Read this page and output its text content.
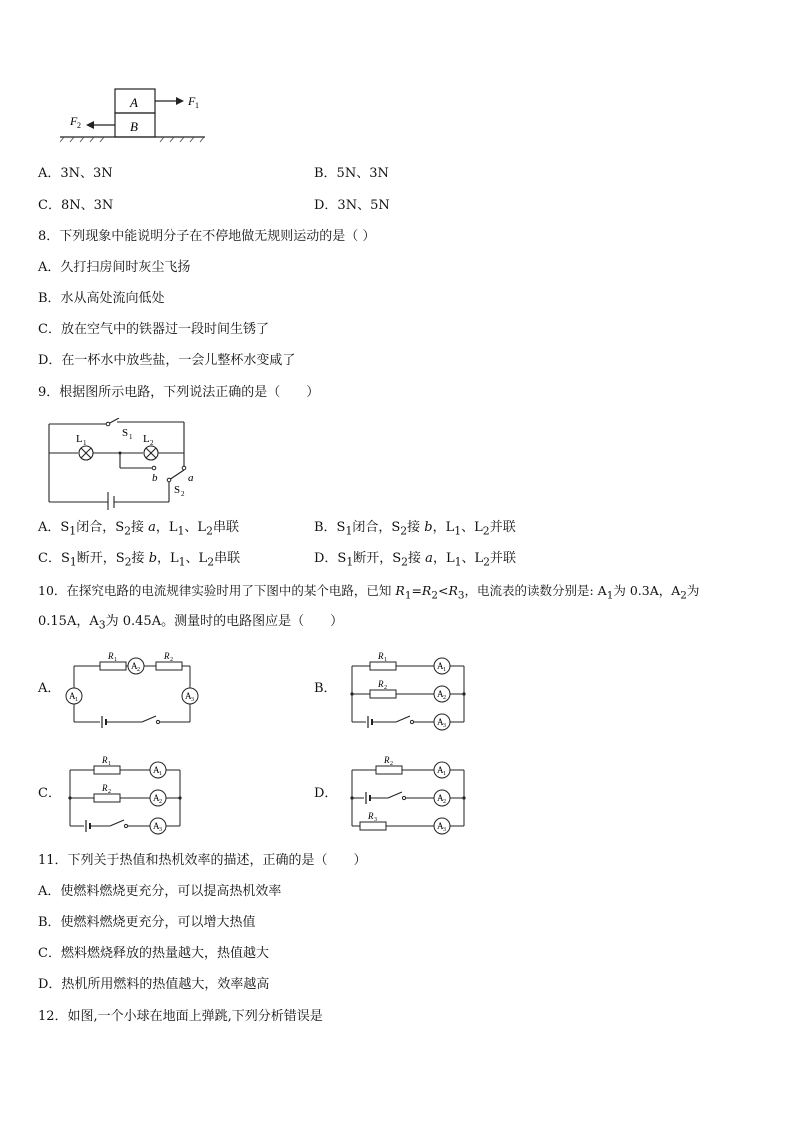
A
B
F 1
F 2
A．3N、3N	B．5N、3N
C．8N、3N	D．3N、5N
8．下列现象中能说明分子在不停地做无规则运动的是（ ）
A．久打扫房间时灰尘飞扬
B．水从高处流向低处
C．放在空气中的铁器过一段时间生锈了
D．在一杯水中放些盐，一会儿整杯水变咸了
9．根据图所示电路，下列说法正确的是（　　）
L 1	L 2
S 1
a
b
S 2
A．$S_1$闭合，$S_2$接 a，$L_1$、$L_2$串联	B．$S_1$闭合，$S_2$接 b，$L_1$、$L_2$并联
C．$S_1$断开，$S_2$接 b，$L_1$、$L_2$串联	D．$S_1$断开，$S_2$接 a，$L_1$、$L_2$并联
10．在探究电路的电流规律实验时用了下图中的某个电路，已知 $R_1=R_2<R_3$，电流表的读数分别是: $A_1$为 0.3A，$A_2$为
0.15A，$A_3$为 0.45A。测量时的电路图应是（　　）
A．	B．
C．	D．
R 1
A 2
R 2
A 1	A 3
R 1
A 1
R 2
A 2
A 3
R 1
A 1
R 2
A 2
A 3
R 2
A 1
A 2
R 3
A 3
11．下列关于热值和热机效率的描述，正确的是（　　）
A．使燃料燃烧更充分，可以提高热机效率
B．使燃料燃烧更充分，可以增大热值
C．燃料燃烧释放的热量越大，热值越大
D．热机所用燃料的热值越大，效率越高
12．如图,一个小球在地面上弹跳,下列分析错误是
